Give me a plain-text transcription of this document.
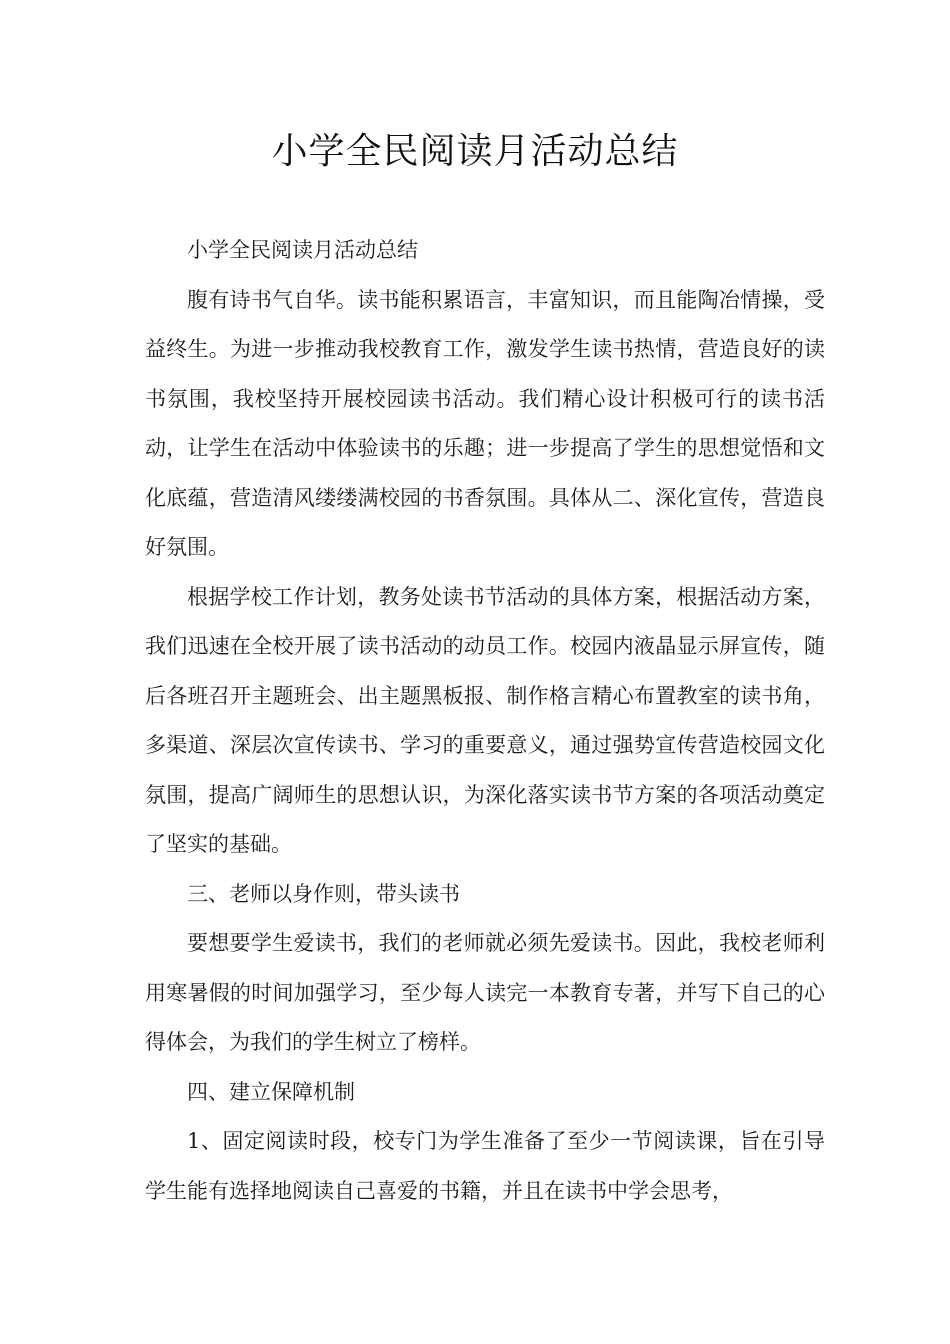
小学全民阅读月活动总结

小学全民阅读月活动总结

腹有诗书气自华。读书能积累语言，丰富知识，而且能陶冶情操，受益终生。为进一步推动我校教育工作，激发学生读书热情，营造良好的读书氛围，我校坚持开展校园读书活动。我们精心设计积极可行的读书活动，让学生在活动中体验读书的乐趣；进一步提高了学生的思想觉悟和文化底蕴，营造清风缕缕满校园的书香氛围。具体从二、深化宣传，营造良好氛围。

根据学校工作计划，教务处读书节活动的具体方案，根据活动方案，我们迅速在全校开展了读书活动的动员工作。校园内液晶显示屏宣传，随后各班召开主题班会、出主题黑板报、制作格言精心布置教室的读书角，多渠道、深层次宣传读书、学习的重要意义，通过强势宣传营造校园文化氛围，提高广阔师生的思想认识，为深化落实读书节方案的各项活动奠定了坚实的基础。

三、老师以身作则，带头读书

要想要学生爱读书，我们的老师就必须先爱读书。因此，我校老师利用寒暑假的时间加强学习，至少每人读完一本教育专著，并写下自己的心得体会，为我们的学生树立了榜样。

四、建立保障机制

1、固定阅读时段，校专门为学生准备了至少一节阅读课，旨在引导学生能有选择地阅读自己喜爱的书籍，并且在读书中学会思考，
